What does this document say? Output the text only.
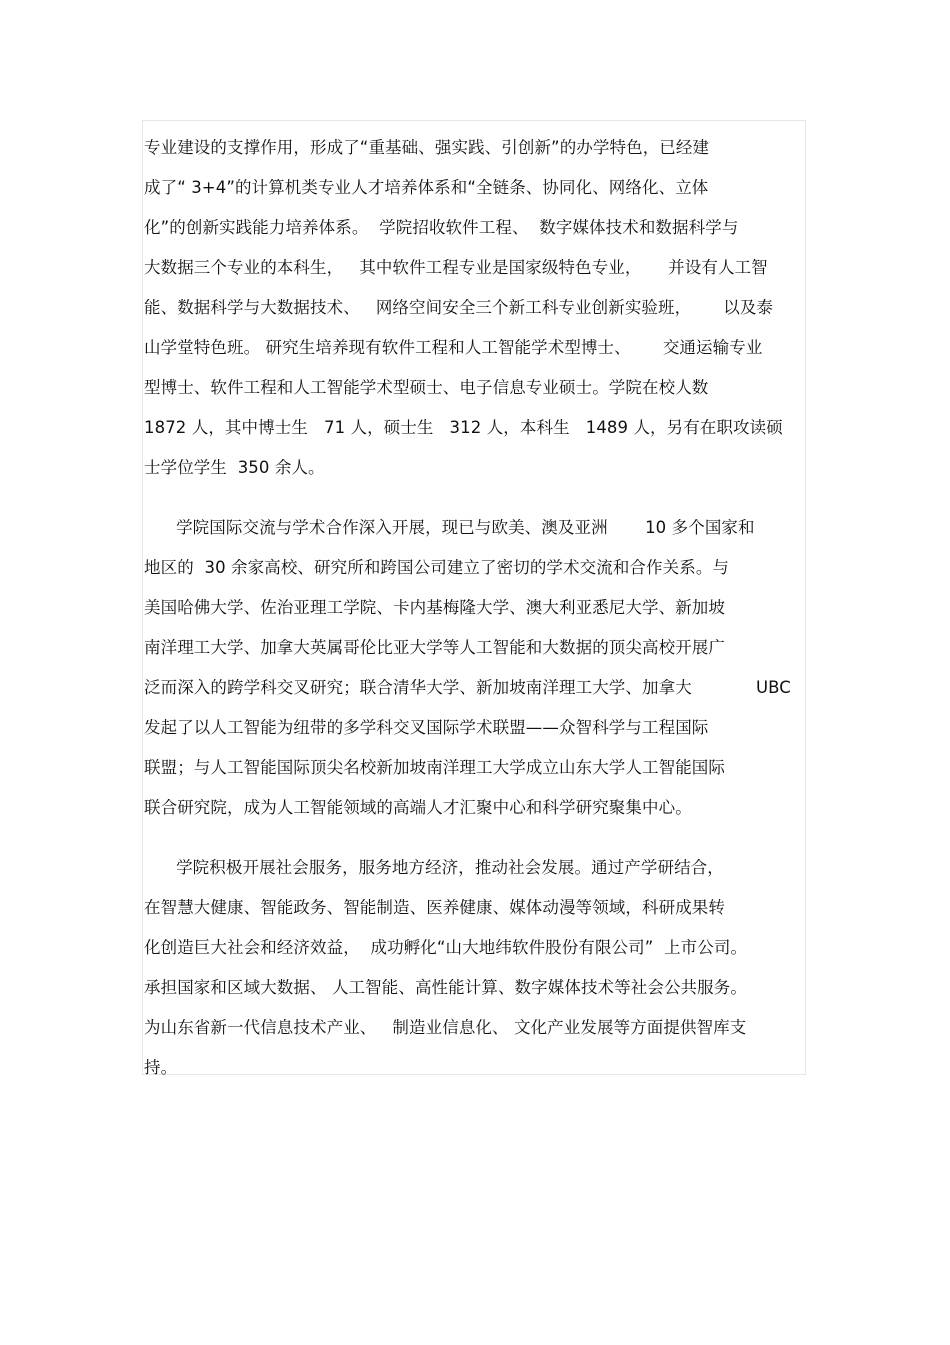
专业建设的支撑作用，形成了“重基础、强实践、引创新”的办学特色，已经建
成了“ 3+4”的计算机类专业人才培养体系和“全链条、协同化、网络化、立体
化”的创新实践能力培养体系。  学院招收软件工程、  数字媒体技术和数据科学与
大数据三个专业的本科生，   其中软件工程专业是国家级特色专业，     并设有人工智
能、数据科学与大数据技术、   网络空间安全三个新工科专业创新实验班，      以及泰
山学堂特色班。 研究生培养现有软件工程和人工智能学术型博士、      交通运输专业
型博士、软件工程和人工智能学术型硕士、电子信息专业硕士。学院在校人数
1872 人，其中博士生   71 人，硕士生   312 人，本科生   1489 人，另有在职攻读硕
士学位学生  350 余人。
学院国际交流与学术合作深入开展，现已与欧美、澳及亚洲       10 多个国家和
地区的  30 余家高校、研究所和跨国公司建立了密切的学术交流和合作关系。与
美国哈佛大学、佐治亚理工学院、卡内基梅隆大学、澳大利亚悉尼大学、新加坡
南洋理工大学、加拿大英属哥伦比亚大学等人工智能和大数据的顶尖高校开展广
泛而深入的跨学科交叉研究；联合清华大学、新加坡南洋理工大学、加拿大            UBC
发起了以人工智能为纽带的多学科交叉国际学术联盟——众智科学与工程国际
联盟；与人工智能国际顶尖名校新加坡南洋理工大学成立山东大学人工智能国际
联合研究院，成为人工智能领域的高端人才汇聚中心和科学研究聚集中心。
学院积极开展社会服务，服务地方经济，推动社会发展。通过产学研结合，
在智慧大健康、智能政务、智能制造、医养健康、媒体动漫等领域，科研成果转
化创造巨大社会和经济效益，  成功孵化“山大地纬软件股份有限公司”  上市公司。
承担国家和区域大数据、 人工智能、高性能计算、数字媒体技术等社会公共服务。
为山东省新一代信息技术产业、   制造业信息化、 文化产业发展等方面提供智库支
持。
